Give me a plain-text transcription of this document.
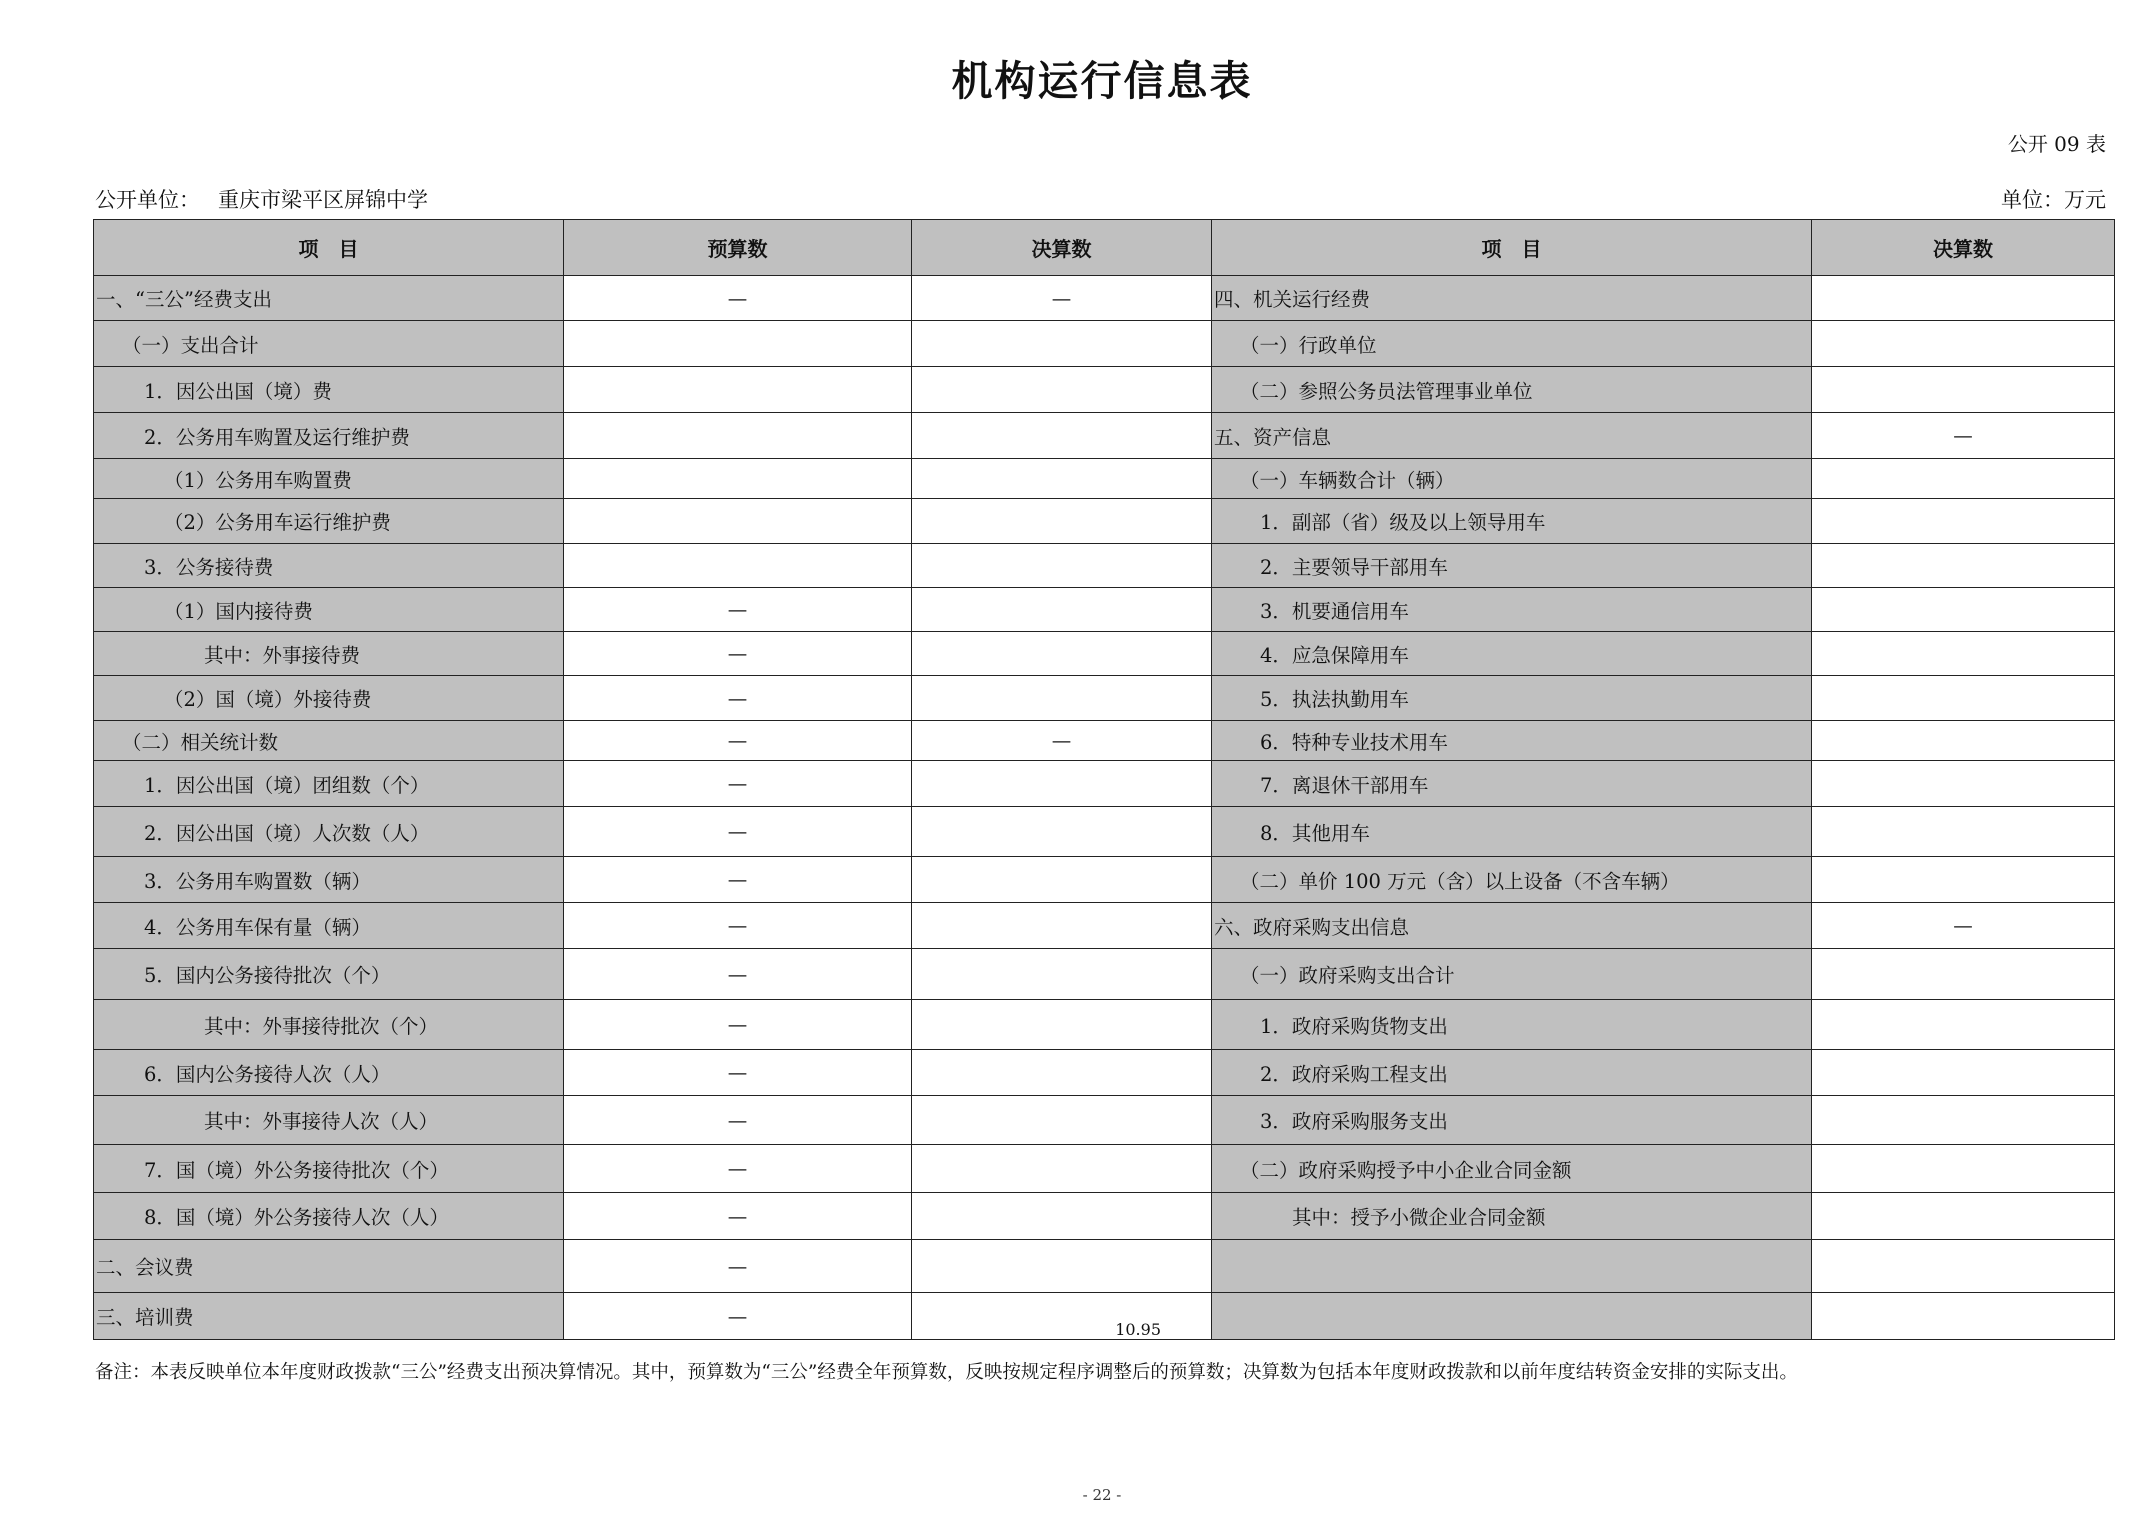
机构运行信息表
公开 09 表
公开单位： 重庆市梁平区屏锦中学	单位：万元
项　目	预算数	决算数	项　目	决算数
一、“三公”经费支出	—	—	四、机关运行经费	
（一）支出合计			（一）行政单位	
1．因公出国（境）费			（二）参照公务员法管理事业单位	
2．公务用车购置及运行维护费			五、资产信息	—
（1）公务用车购置费			（一）车辆数合计（辆）	
（2）公务用车运行维护费			1．副部（省）级及以上领导用车	
3．公务接待费			2．主要领导干部用车	
（1）国内接待费	—		3．机要通信用车	
其中：外事接待费	—		4．应急保障用车	
（2）国（境）外接待费	—		5．执法执勤用车	
（二）相关统计数	—	—	6．特种专业技术用车	
1．因公出国（境）团组数（个）	—		7．离退休干部用车	
2．因公出国（境）人次数（人）	—		8．其他用车	
3．公务用车购置数（辆）	—		（二）单价 100 万元（含）以上设备（不含车辆）	
4．公务用车保有量（辆）	—		六、政府采购支出信息	—
5．国内公务接待批次（个）	—		（一）政府采购支出合计	
其中：外事接待批次（个）	—		1．政府采购货物支出	
6．国内公务接待人次（人）	—		2．政府采购工程支出	
其中：外事接待人次（人）	—		3．政府采购服务支出	
7．国（境）外公务接待批次（个）	—		（二）政府采购授予中小企业合同金额	
8．国（境）外公务接待人次（人）	—		其中：授予小微企业合同金额	
二、会议费	—			
三、培训费	—	10.95		
备注：本表反映单位本年度财政拨款“三公”经费支出预决算情况。其中，预算数为“三公”经费全年预算数，反映按规定程序调整后的预算数；决算数为包括本年度财政拨款和以前年度结转资金安排的实际支出。
- 22 -
